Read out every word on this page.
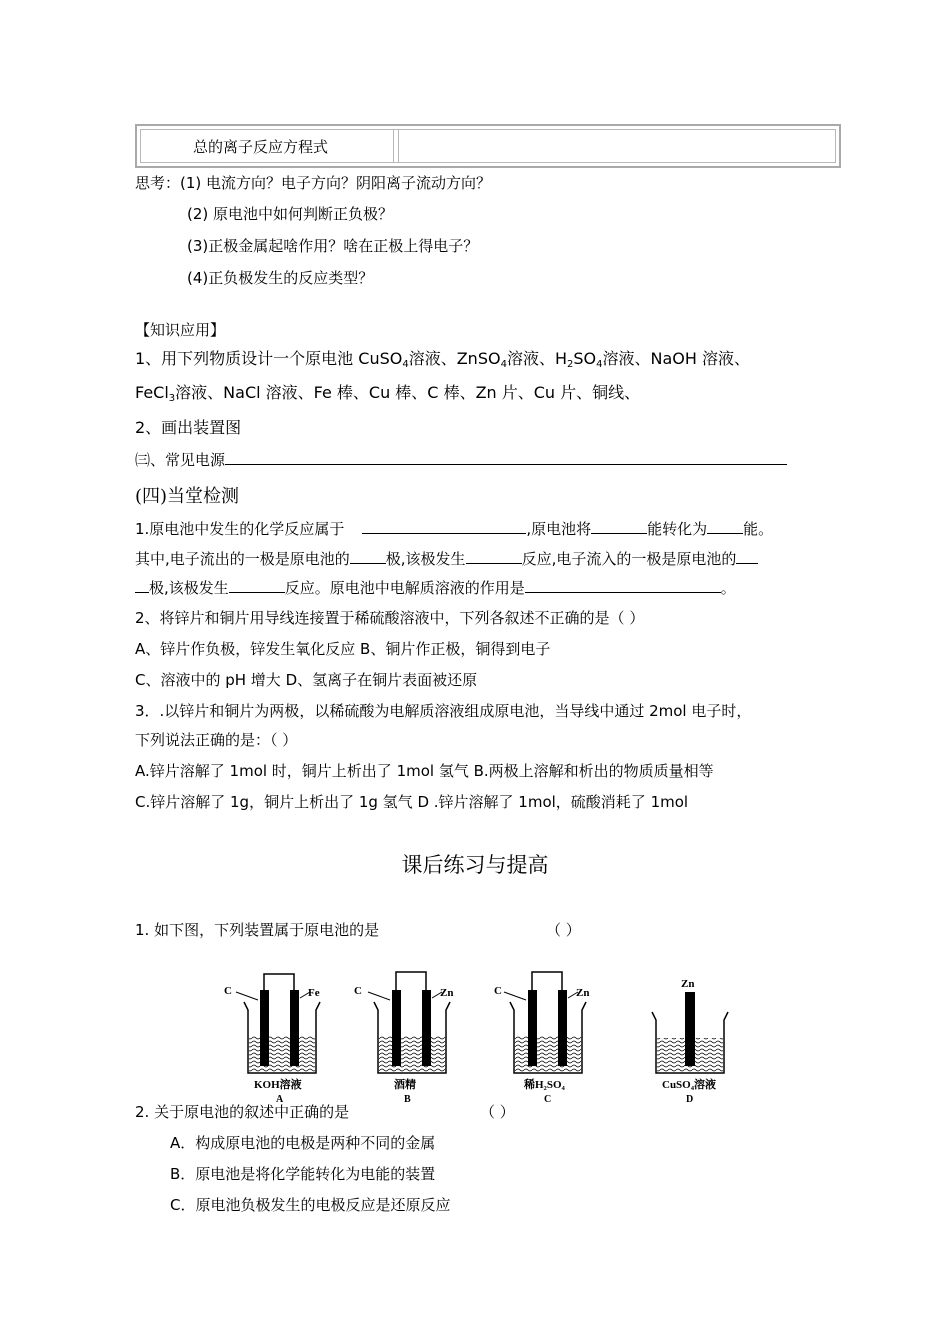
总的离子反应方程式
思考：(1) 电流方向？电子方向？阴阳离子流动方向？
(2) 原电池中如何判断正负极？
(3)正极金属起啥作用？啥在正极上得电子？
(4)正负极发生的反应类型？
【知识应用】
1、用下列物质设计一个原电池 CuSO$_4$溶液、ZnSO$_4$溶液、$H_2SO_4$溶液、NaOH 溶液、
FeCl$_3$溶液、NaCl 溶液、Fe 棒、Cu 棒、C 棒、Zn 片、Cu 片、铜线、
2、画出装置图
㈢、常见电源
(四)当堂检测
1.原电池中发生的化学反应属于	,原电池将	能转化为 能。
其中,电子流出的一极是原电池的 极,该极发生	反应,电子流入的一极是原电池的
极,该极发生	反应。原电池中电解质溶液的作用是	。
2、将锌片和铜片用导线连接置于稀硫酸溶液中，下列各叙述不正确的是（ ）
A、锌片作负极，锌发生氧化反应 B、铜片作正极，铜得到电子
C、溶液中的 pH 增大 D、氢离子在铜片表面被还原
3．.以锌片和铜片为两极，以稀硫酸为电解质溶液组成原电池，当导线中通过 2mol 电子时，
下列说法正确的是：（ ）
A.锌片溶解了 1mol 时，铜片上析出了 1mol 氢气 B.两极上溶解和析出的物质质量相等
C.锌片溶解了 1g，铜片上析出了 1g 氢气 D .锌片溶解了 1mol，硫酸消耗了 1mol
课后练习与提高
1. 如下图，下列装置属于原电池的是	（ ）
C	Fe
KOH溶液
A
C	Zn
酒精
B
C	Zn
稀H₂SO₄
C
Zn
CuSO₄溶液
D
2. 关于原电池的叙述中正确的是	（ ）
A．构成原电池的电极是两种不同的金属
B．原电池是将化学能转化为电能的装置
C．原电池负极发生的电极反应是还原反应
